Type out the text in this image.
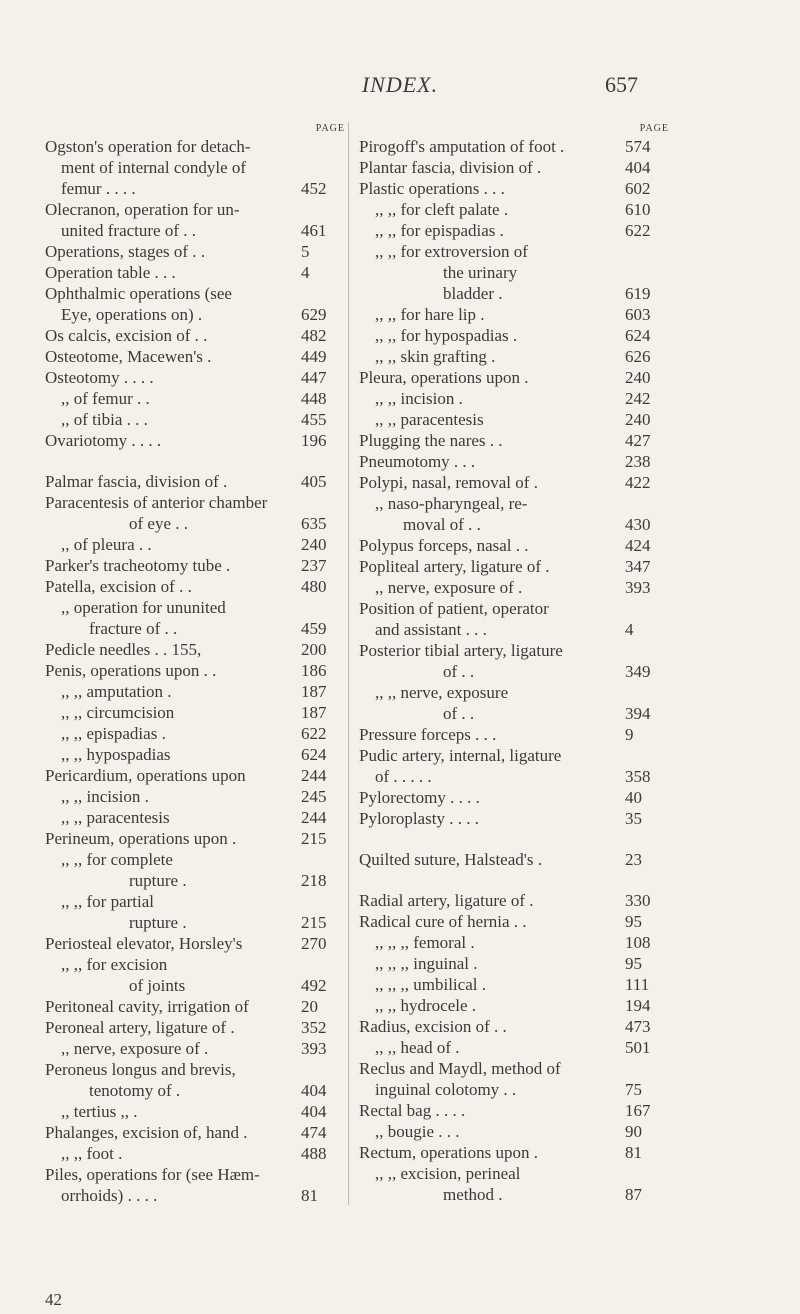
INDEX.	657
PAGE
Ogston's operation for detach-
ment of internal condyle of
femur . . . .	452
Olecranon, operation for un-
united fracture of . .	461
Operations, stages of . .	5
Operation table . . .	4
Ophthalmic operations (see
Eye, operations on) .	629
Os calcis, excision of . .	482
Osteotome, Macewen's .	449
Osteotomy . . . .	447
,, of femur . .	448
,, of tibia . . .	455
Ovariotomy . . . .	196
Palmar fascia, division of .	405
Paracentesis of anterior chamber
of eye . .	635
,, of pleura . .	240
Parker's tracheotomy tube .	237
Patella, excision of . .	480
,, operation for ununited
fracture of . .	459
Pedicle needles . . 155,	200
Penis, operations upon . .	186
,, ,, amputation .	187
,, ,, circumcision	187
,, ,, epispadias .	622
,, ,, hypospadias	624
Pericardium, operations upon	244
,, ,, incision .	245
,, ,, paracentesis	244
Perineum, operations upon .	215
,, ,, for complete
rupture .	218
,, ,, for partial
rupture .	215
Periosteal elevator, Horsley's	270
,, ,, for excision
of joints	492
Peritoneal cavity, irrigation of	20
Peroneal artery, ligature of .	352
,, nerve, exposure of .	393
Peroneus longus and brevis,
tenotomy of .	404
,, tertius ,, .	404
Phalanges, excision of, hand .	474
,, ,, foot .	488
Piles, operations for (see Hæm-
orrhoids) . . . .	81
PAGE
Pirogoff's amputation of foot .	574
Plantar fascia, division of .	404
Plastic operations . . .	602
,, ,, for cleft palate .	610
,, ,, for epispadias .	622
,, ,, for extroversion of
the urinary
bladder .	619
,, ,, for hare lip .	603
,, ,, for hypospadias .	624
,, ,, skin grafting .	626
Pleura, operations upon .	240
,, ,, incision .	242
,, ,, paracentesis	240
Plugging the nares . .	427
Pneumotomy . . .	238
Polypi, nasal, removal of .	422
,, naso-pharyngeal, re-
moval of . .	430
Polypus forceps, nasal . .	424
Popliteal artery, ligature of .	347
,, nerve, exposure of .	393
Position of patient, operator
and assistant . . .	4
Posterior tibial artery, ligature
of . .	349
,, ,, nerve, exposure
of . .	394
Pressure forceps . . .	9
Pudic artery, internal, ligature
of . . . . .	358
Pylorectomy . . . .	40
Pyloroplasty . . . .	35
Quilted suture, Halstead's .	23
Radial artery, ligature of .	330
Radical cure of hernia . .	95
,, ,, ,, femoral .	108
,, ,, ,, inguinal .	95
,, ,, ,, umbilical .	111
,, ,, hydrocele .	194
Radius, excision of . .	473
,, ,, head of .	501
Reclus and Maydl, method of
inguinal colotomy . .	75
Rectal bag . . . .	167
,, bougie . . .	90
Rectum, operations upon .	81
,, ,, excision, perineal
method .	87
42
